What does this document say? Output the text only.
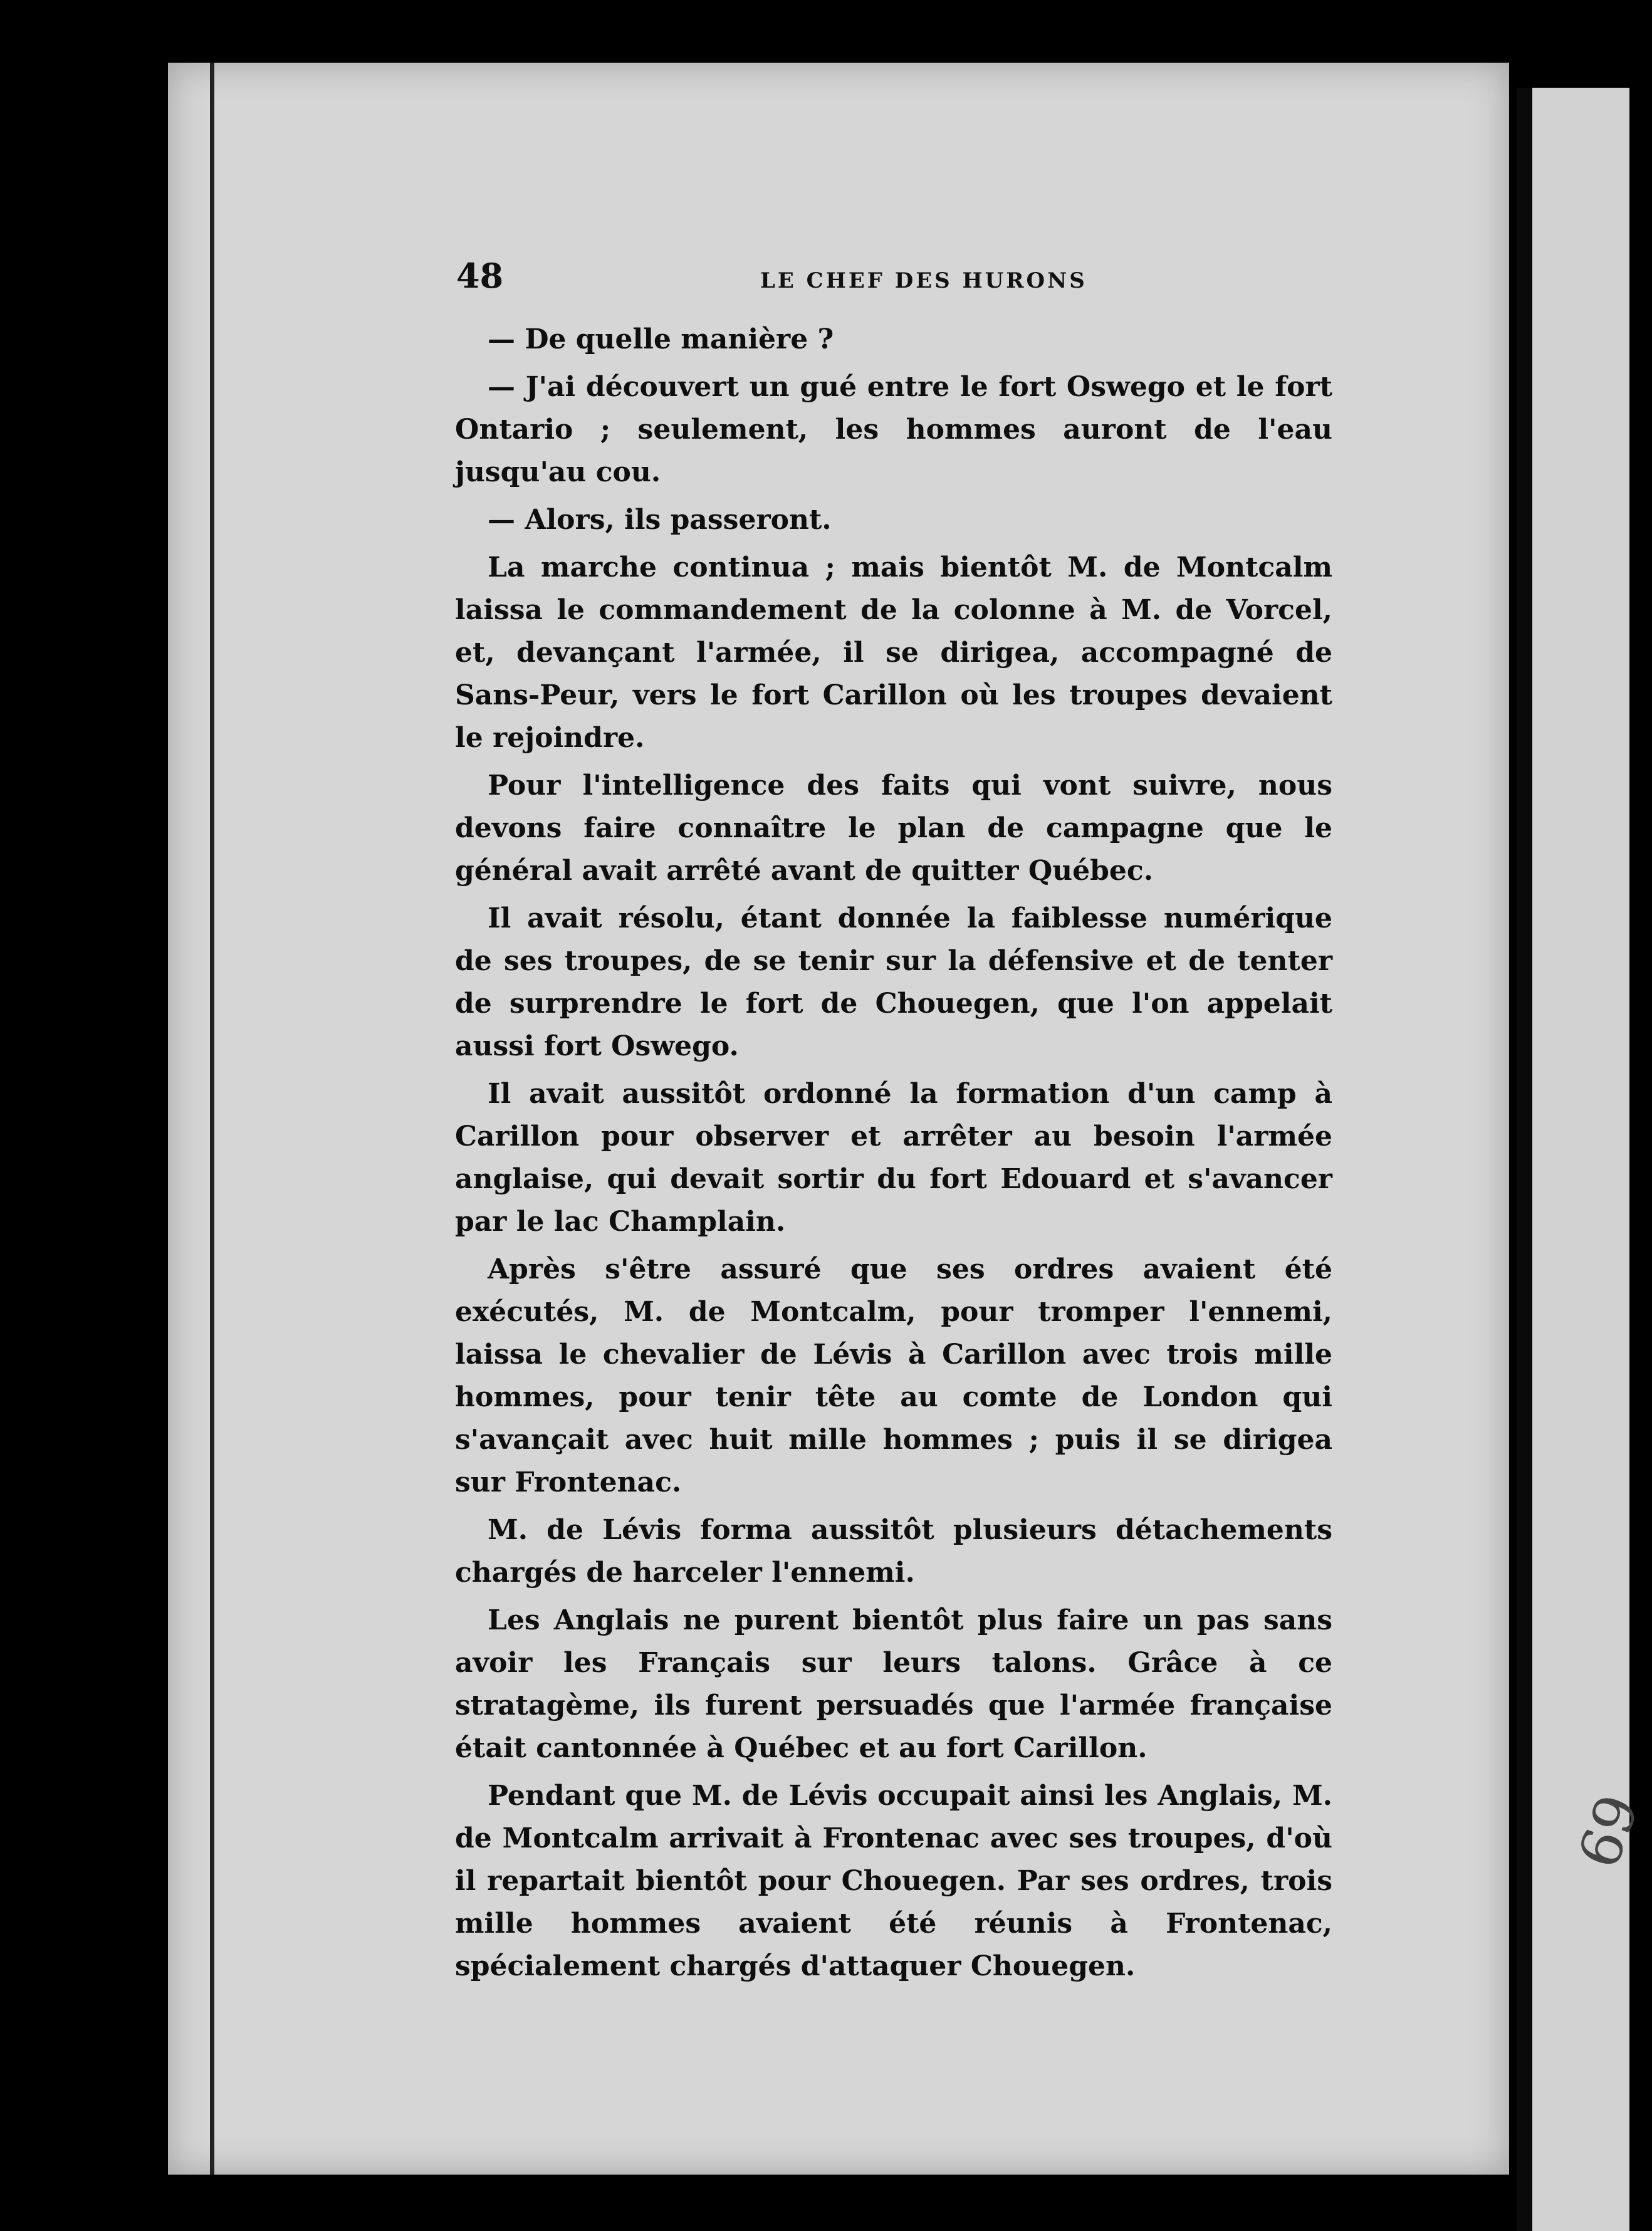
69
48	LE CHEF DES HURONS

— De quelle manière ?

— J'ai découvert un gué entre le fort Oswego et le fort Ontario ; seulement, les hommes auront de l'eau jusqu'au cou.

— Alors, ils passeront.

La marche continua ; mais bientôt M. de Montcalm laissa le commandement de la colonne à M. de Vorcel, et, devançant l'armée, il se dirigea, accompagné de Sans-Peur, vers le fort Carillon où les troupes devaient le rejoindre.

Pour l'intelligence des faits qui vont suivre, nous devons faire connaître le plan de campagne que le général avait arrêté avant de quitter Québec.

Il avait résolu, étant donnée la faiblesse numérique de ses troupes, de se tenir sur la défensive et de tenter de surprendre le fort de Chouegen, que l'on appelait aussi fort Oswego.

Il avait aussitôt ordonné la formation d'un camp à Carillon pour observer et arrêter au besoin l'armée anglaise, qui devait sortir du fort Edouard et s'avancer par le lac Champlain.

Après s'être assuré que ses ordres avaient été exécutés, M. de Montcalm, pour tromper l'ennemi, laissa le chevalier de Lévis à Carillon avec trois mille hommes, pour tenir tête au comte de London qui s'avançait avec huit mille hommes ; puis il se dirigea sur Frontenac.

M. de Lévis forma aussitôt plusieurs détachements chargés de harceler l'ennemi.

Les Anglais ne purent bientôt plus faire un pas sans avoir les Français sur leurs talons. Grâce à ce stratagème, ils furent persuadés que l'armée française était cantonnée à Québec et au fort Carillon.

Pendant que M. de Lévis occupait ainsi les Anglais, M. de Montcalm arrivait à Frontenac avec ses troupes, d'où il repartait bientôt pour Chouegen. Par ses ordres, trois mille hommes avaient été réunis à Frontenac, spécialement chargés d'attaquer Chouegen.
